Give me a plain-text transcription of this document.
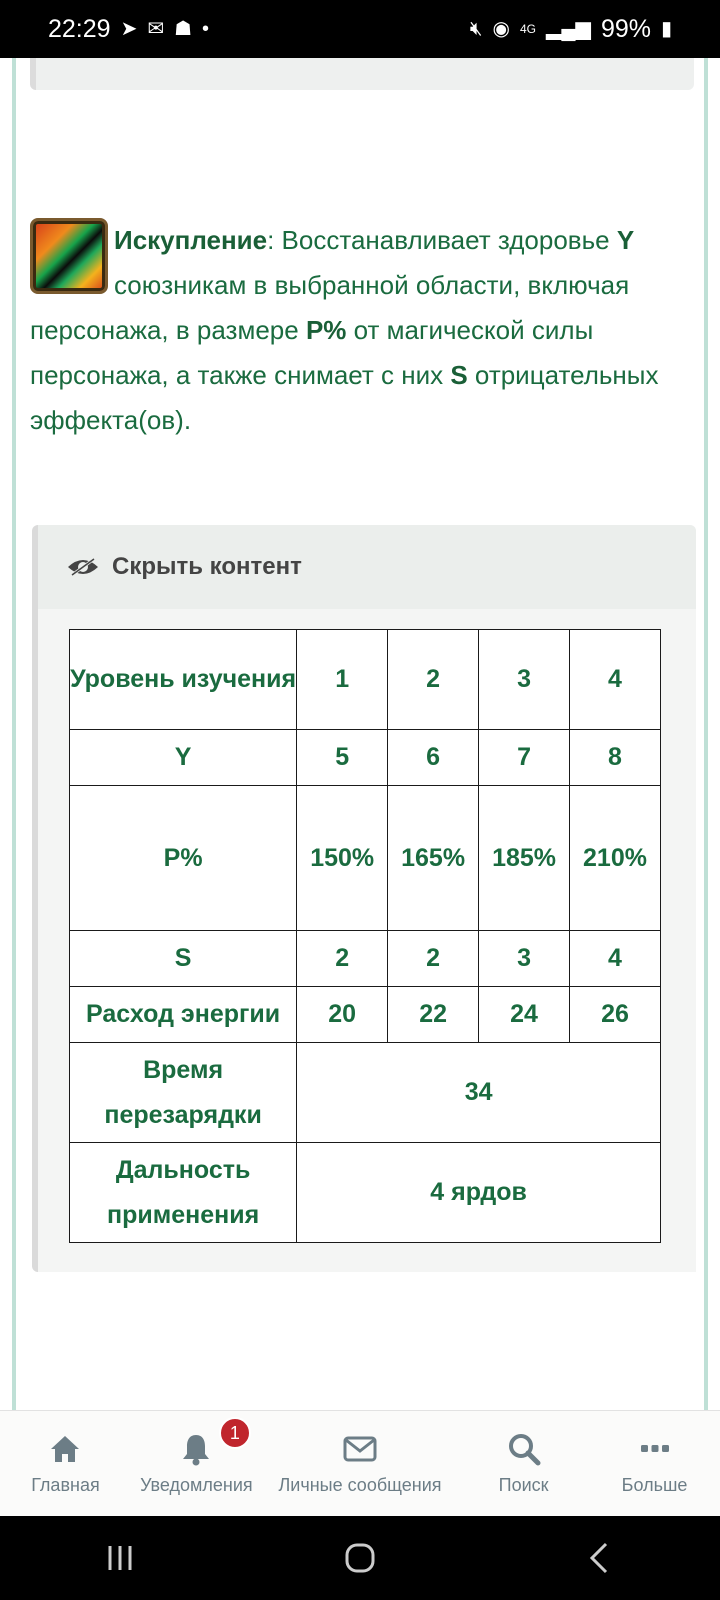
22:29 ➤ ✉ ☗ •	🔇︎ ◉ 4G ▂▄▆ 99% ▮
Искупление: Восстанавливает здоровье Y союзникам в выбранной области, включая персонажа, в размере P% от магической силы персонажа, а также снимает с них S отрицательных эффекта(ов).
Скрыть контент
Уровень изучения	1	2	3	4
Y	5	6	7	8
P%	150%	165%	185%	210%
S	2	2	3	4
Расход энергии	20	22	24	26
Время перезарядки	34			
Дальность применения	4 ярдов			
Главная Уведомления
1
Личные сообщения	Поиск	Больше
